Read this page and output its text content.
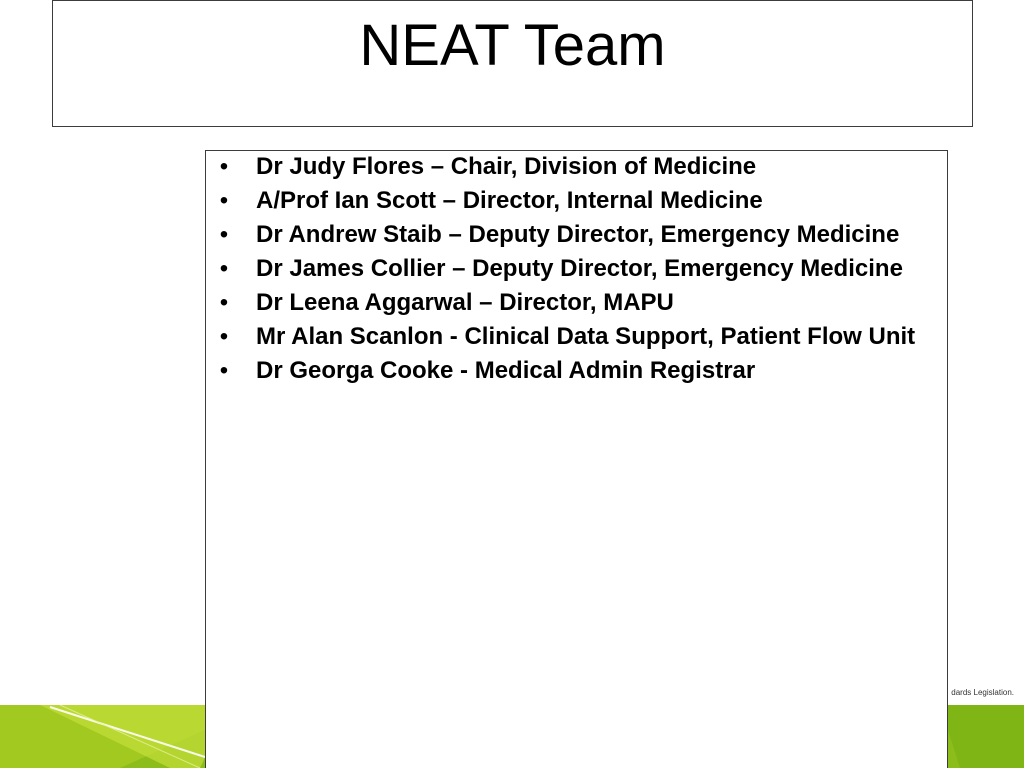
dards Legislation.
NEAT Team
• Dr Judy Flores – Chair, Division of Medicine
• A/Prof Ian Scott – Director, Internal Medicine
• Dr Andrew Staib – Deputy Director, Emergency Medicine
• Dr James Collier – Deputy Director, Emergency Medicine
• Dr Leena Aggarwal – Director, MAPU
• Mr Alan Scanlon - Clinical Data Support, Patient Flow Unit
• Dr Georga Cooke - Medical Admin Registrar
